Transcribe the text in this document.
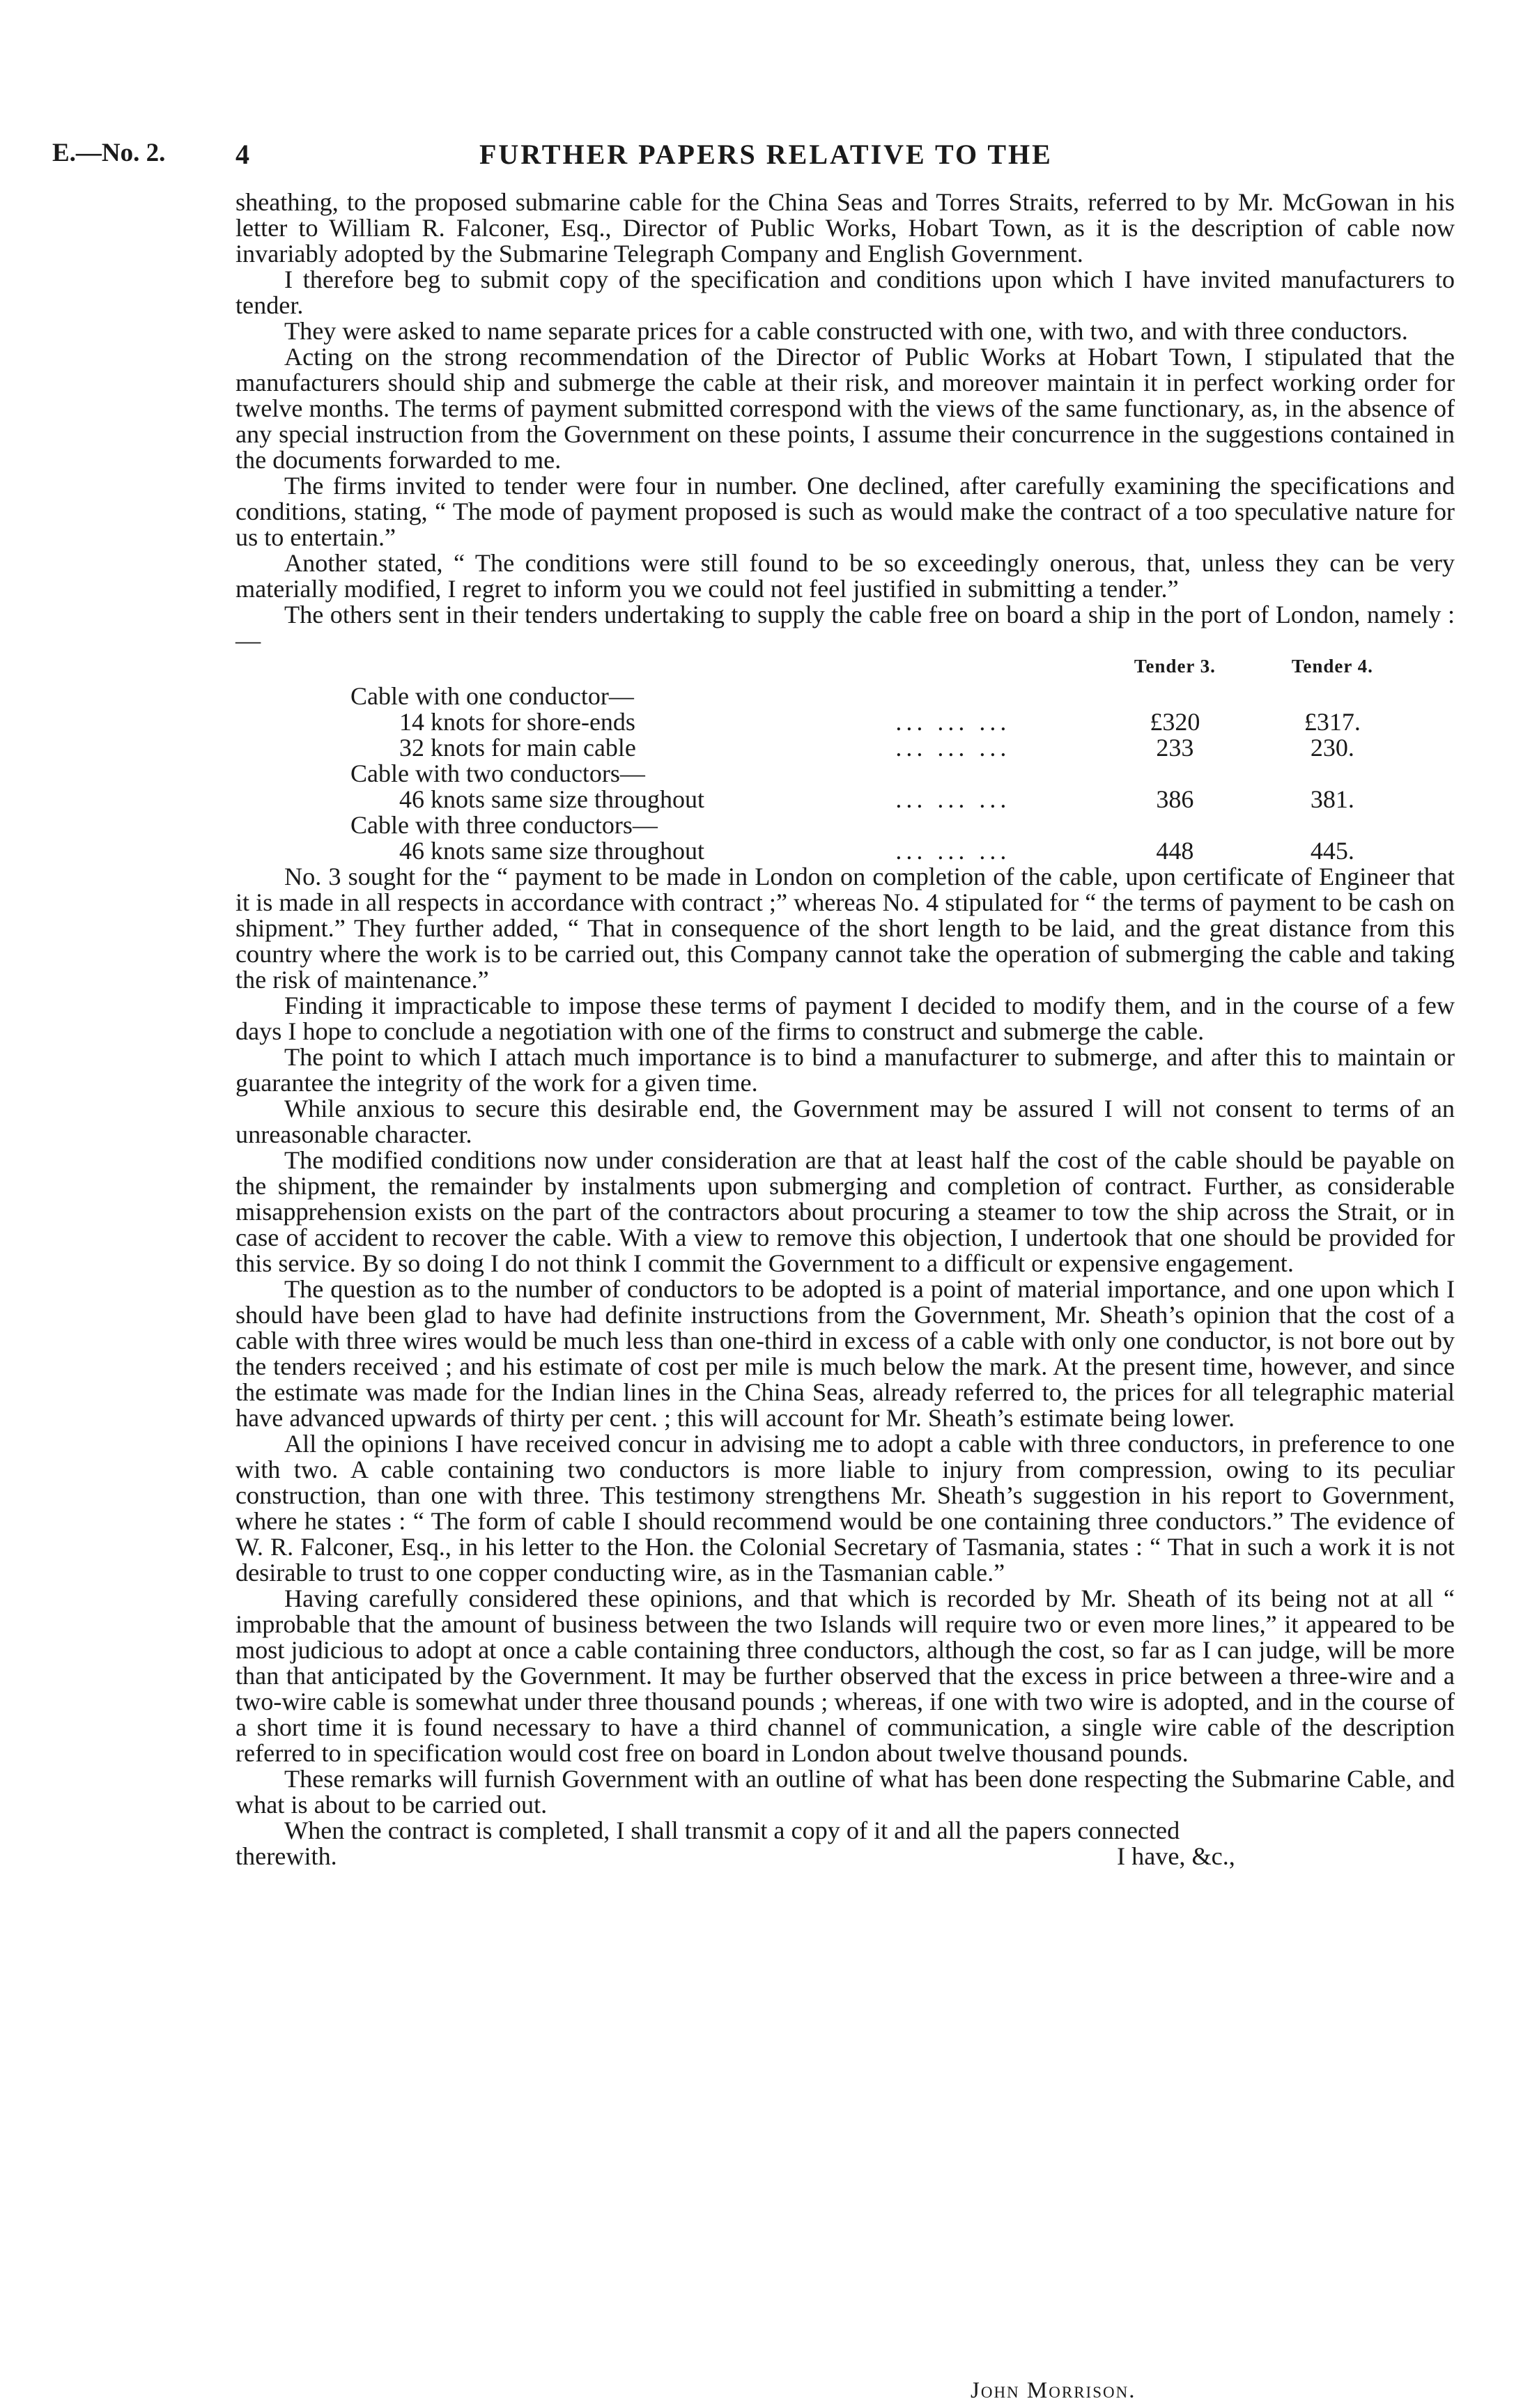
E.—No. 2.	4	FURTHER PAPERS RELATIVE TO THE

sheathing, to the proposed submarine cable for the China Seas and Torres Straits, referred to by Mr. McGowan in his letter to William R. Falconer, Esq., Director of Public Works, Hobart Town, as it is the description of cable now invariably adopted by the Submarine Telegraph Company and English Government.

I therefore beg to submit copy of the specification and conditions upon which I have invited manufacturers to tender.

They were asked to name separate prices for a cable constructed with one, with two, and with three conductors.

Acting on the strong recommendation of the Director of Public Works at Hobart Town, I stipulated that the manufacturers should ship and submerge the cable at their risk, and moreover maintain it in perfect working order for twelve months. The terms of payment submitted correspond with the views of the same functionary, as, in the absence of any special instruction from the Government on these points, I assume their concurrence in the suggestions contained in the documents forwarded to me.

The firms invited to tender were four in number. One declined, after carefully examining the specifications and conditions, stating, “ The mode of payment proposed is such as would make the contract of a too speculative nature for us to entertain.”

Another stated, “ The conditions were still found to be so exceedingly onerous, that, unless they can be very materially modified, I regret to inform you we could not feel justified in submitting a tender.”

The others sent in their tenders undertaking to supply the cable free on board a ship in the port of London, namely :—

		Tender 3.	Tender 4.
Cable with one conductor—			
14 knots for shore-ends	... ... ...	£320	£317.
32 knots for main cable	... ... ...	233	230.
Cable with two conductors—			
46 knots same size throughout	... ... ...	386	381.
Cable with three conductors—			
46 knots same size throughout	... ... ...	448	445.

No. 3 sought for the “ payment to be made in London on completion of the cable, upon certificate of Engineer that it is made in all respects in accordance with contract ;” whereas No. 4 stipulated for “ the terms of payment to be cash on shipment.” They further added, “ That in consequence of the short length to be laid, and the great distance from this country where the work is to be carried out, this Company cannot take the operation of submerging the cable and taking the risk of maintenance.”

Finding it impracticable to impose these terms of payment I decided to modify them, and in the course of a few days I hope to conclude a negotiation with one of the firms to construct and submerge the cable.

The point to which I attach much importance is to bind a manufacturer to submerge, and after this to maintain or guarantee the integrity of the work for a given time.

While anxious to secure this desirable end, the Government may be assured I will not consent to terms of an unreasonable character.

The modified conditions now under consideration are that at least half the cost of the cable should be payable on the shipment, the remainder by instalments upon submerging and completion of contract. Further, as considerable misapprehension exists on the part of the contractors about procuring a steamer to tow the ship across the Strait, or in case of accident to recover the cable. With a view to remove this objection, I undertook that one should be provided for this service. By so doing I do not think I commit the Government to a difficult or expensive engagement.

The question as to the number of conductors to be adopted is a point of material importance, and one upon which I should have been glad to have had definite instructions from the Government, Mr. Sheath’s opinion that the cost of a cable with three wires would be much less than one-third in excess of a cable with only one conductor, is not bore out by the tenders received ; and his estimate of cost per mile is much below the mark. At the present time, however, and since the estimate was made for the Indian lines in the China Seas, already referred to, the prices for all telegraphic material have advanced upwards of thirty per cent. ; this will account for Mr. Sheath’s estimate being lower.

All the opinions I have received concur in advising me to adopt a cable with three conductors, in preference to one with two. A cable containing two conductors is more liable to injury from compression, owing to its peculiar construction, than one with three. This testimony strengthens Mr. Sheath’s suggestion in his report to Government, where he states : “ The form of cable I should recommend would be one containing three conductors.” The evidence of W. R. Falconer, Esq., in his letter to the Hon. the Colonial Secretary of Tasmania, states : “ That in such a work it is not desirable to trust to one copper conducting wire, as in the Tasmanian cable.”

Having carefully considered these opinions, and that which is recorded by Mr. Sheath of its being not at all “ improbable that the amount of business between the two Islands will require two or even more lines,” it appeared to be most judicious to adopt at once a cable containing three conductors, although the cost, so far as I can judge, will be more than that anticipated by the Government. It may be further observed that the excess in price between a three-wire and a two-wire cable is somewhat under three thousand pounds ; whereas, if one with two wire is adopted, and in the course of a short time it is found necessary to have a third channel of communication, a single wire cable of the description referred to in specification would cost free on board in London about twelve thousand pounds.

These remarks will furnish Government with an outline of what has been done respecting the Submarine Cable, and what is about to be carried out.

When the contract is completed, I shall transmit a copy of it and all the papers connected

therewith.	I have, &c.,
John Morrison.
